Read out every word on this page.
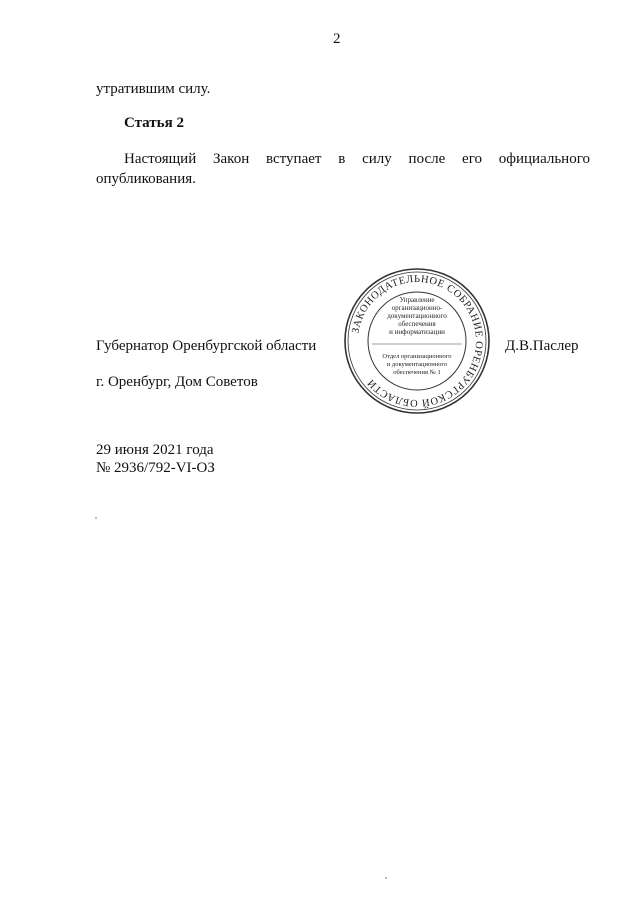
2
утратившим силу.
Статья 2
Настоящий Закон вступает в силу после его официального опубликования.
Губернатор Оренбургской области
ЗАКОНОДАТЕЛЬНОЕ СОБРАНИЕ ОРЕНБУРГСКОЙ ОБЛАСТИ
Управление
организационно-
документационного
обеспечения
и информатизации
Отдел организационного
и документационного
обеспечения № 1
Д.В.Паслер
г. Оренбург, Дом Советов
29 июня 2021 года
№ 2936/792-VI-ОЗ
